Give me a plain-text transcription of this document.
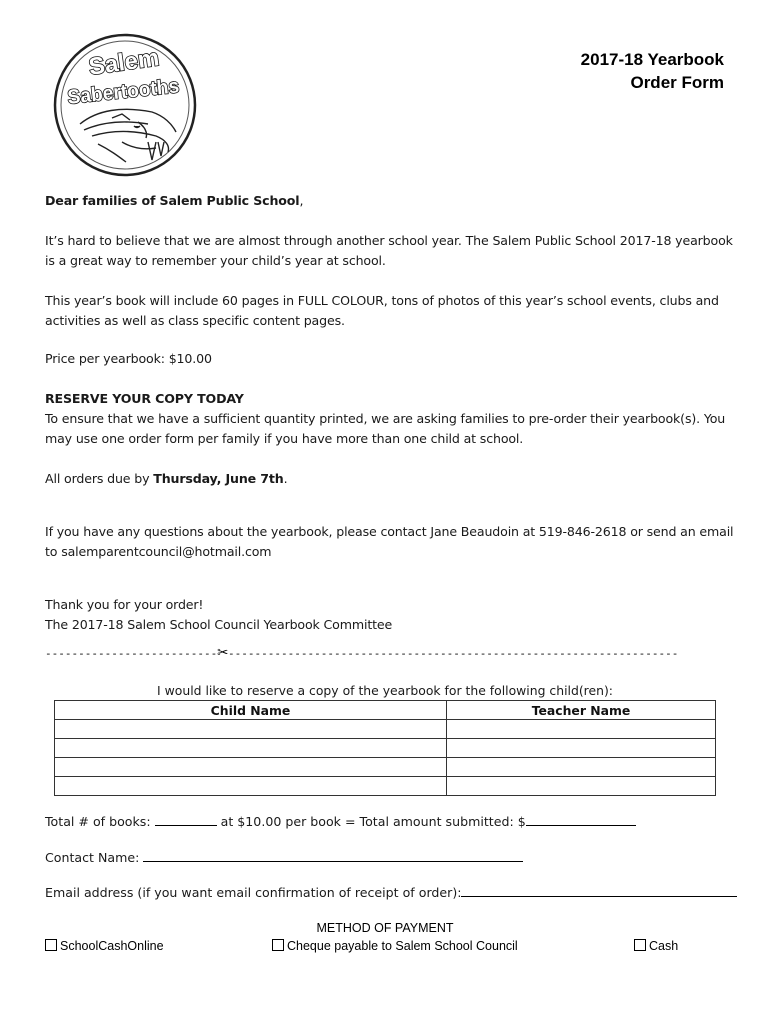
Salem
Sabertooths
2017-18 Yearbook
Order Form
Dear families of Salem Public School,
It’s hard to believe that we are almost through another school year. The Salem Public School 2017-18 yearbook is a great way to remember your child’s year at school.
This year’s book will include 60 pages in FULL COLOUR, tons of photos of this year’s school events, clubs and activities as well as class specific content pages.
Price per yearbook: $10.00
RESERVE YOUR COPY TODAY
To ensure that we have a sufficient quantity printed, we are asking families to pre-order their yearbook(s). You may use one order form per family if you have more than one child at school.
All orders due by Thursday, June 7th.
If you have any questions about the yearbook, please contact Jane Beaudoin at 519-846-2618 or send an email to salemparentcouncil@hotmail.com
Thank you for your order!
The 2017-18 Salem School Council Yearbook Committee
--------------------------✂--------------------------------------------------------------------
I would like to reserve a copy of the yearbook for the following child(ren):
Child Name	Teacher Name

Total # of books:	at $10.00 per book = Total amount submitted: $
Contact Name:
Email address (if you want email confirmation of receipt of order):
METHOD OF PAYMENT
SchoolCashOnline	Cheque payable to Salem School Council	Cash
